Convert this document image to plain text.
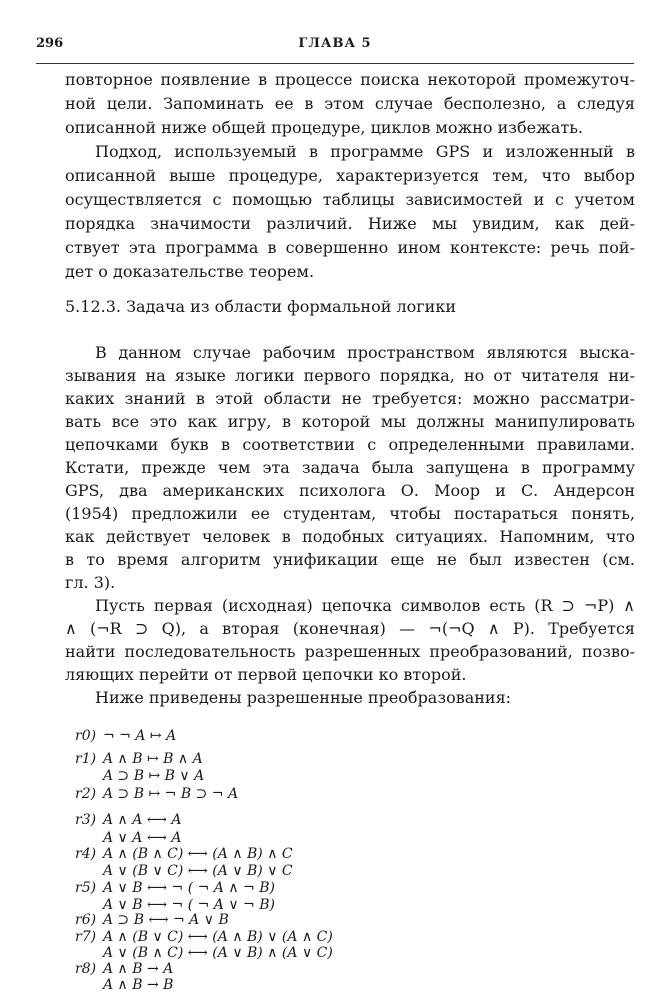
296	ГЛАВА 5
повторное появление в процессе поиска некоторой промежуточ-
ной цели. Запоминать ее в этом случае бесполезно, а следуя
описанной ниже общей процедуре, циклов можно избежать.
Подход, используемый в программе GPS и изложенный в
описанной выше процедуре, характеризуется тем, что выбор
осуществляется с помощью таблицы зависимостей и с учетом
порядка значимости различий. Ниже мы увидим, как дей-
ствует эта программа в совершенно ином контексте: речь пой-
дет о доказательстве теорем.
5.12.3. Задача из области формальной логики
В данном случае рабочим пространством являются выска-
зывания на языке логики первого порядка, но от читателя ни-
каких знаний в этой области не требуется: можно рассматри-
вать все это как игру, в которой мы должны манипулировать
цепочками букв в соответствии с определенными правилами.
Кстати, прежде чем эта задача была запущена в программу
GPS, два американских психолога О. Моор и С. Андерсон
(1954) предложили ее студентам, чтобы постараться понять,
как действует человек в подобных ситуациях. Напомним, что
в то время алгоритм унификации еще не был известен (см.
гл. 3).
Пусть первая (исходная) цепочка символов есть (R ⊃ ¬P) ∧
∧ (¬R ⊃ Q), а вторая (конечная) — ¬(¬Q ∧ P). Требуется
найти последовательность разрешенных преобразований, позво-
ляющих перейти от первой цепочки ко второй.
Ниже приведены разрешенные преобразования:
r0) ¬ ¬ A ↦ A
r1) A ∧ B ↦ B ∧ A
A ⊃ B ↦ B ∨ A
r2) A ⊃ B ↦ ¬ B ⊃ ¬ A
r3) A ∧ A ⟷ A
A ∨ A ⟷ A
r4) A ∧ (B ∧ C) ⟷ (A ∧ B) ∧ C
A ∨ (B ∨ C) ⟷ (A ∨ B) ∨ C
r5) A ∨ B ⟷ ¬ ( ¬ A ∧ ¬ B)
A ∨ B ⟷ ¬ ( ¬ A ∨ ¬ B)
r6) A ⊃ B ⟷ ¬ A ∨ B
r7) A ∧ (B ∨ C) ⟷ (A ∧ B) ∨ (A ∧ C)
A ∨ (B ∧ C) ⟷ (A ∨ B) ∧ (A ∨ C)
r8) A ∧ B → A
A ∧ B → B
